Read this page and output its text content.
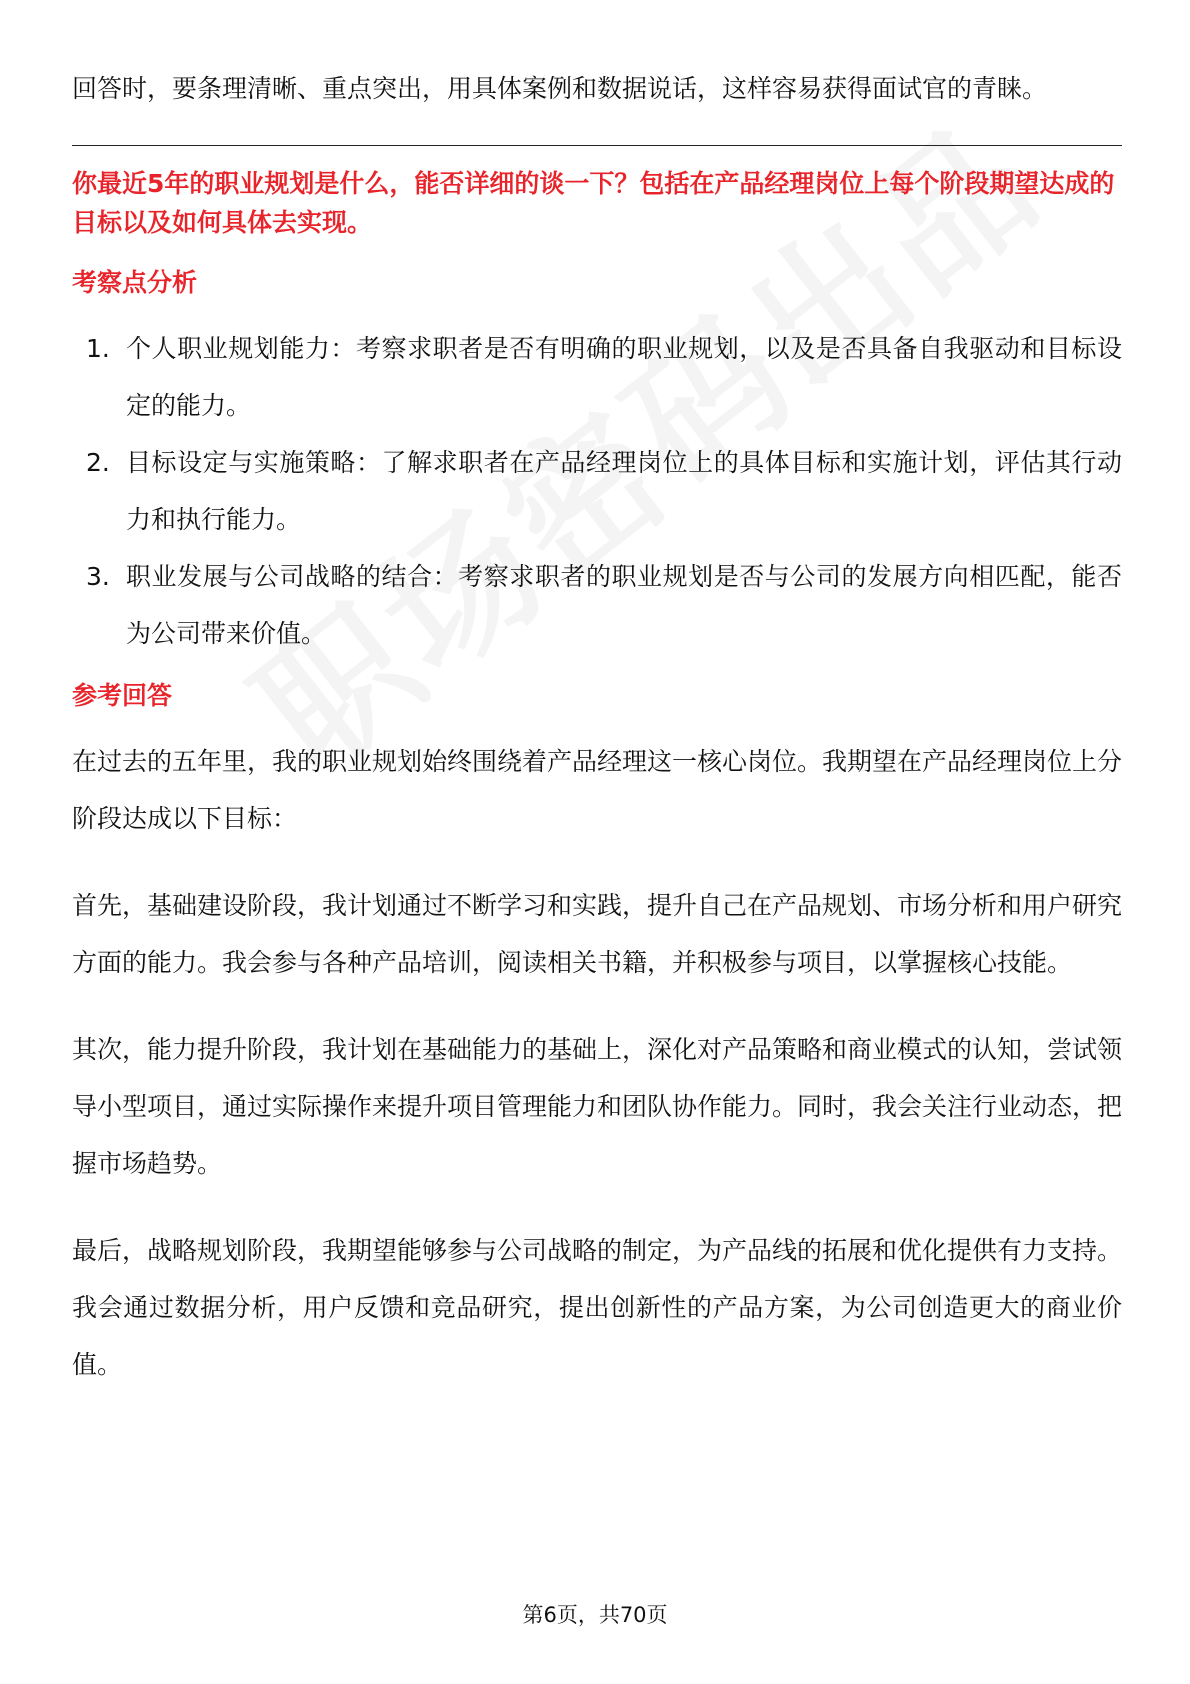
回答时，要条理清晰、重点突出，用具体案例和数据说话，这样容易获得面试官的青睐。

你最近5年的职业规划是什么，能否详细的谈一下？包括在产品经理岗位上每个阶段期望达成的目标以及如何具体去实现。

考察点分析

1. 个人职业规划能力：考察求职者是否有明确的职业规划，以及是否具备自我驱动和目标设定的能力。
2. 目标设定与实施策略：了解求职者在产品经理岗位上的具体目标和实施计划，评估其行动力和执行能力。
3. 职业发展与公司战略的结合：考察求职者的职业规划是否与公司的发展方向相匹配，能否为公司带来价值。

参考回答

在过去的五年里，我的职业规划始终围绕着产品经理这一核心岗位。我期望在产品经理岗位上分阶段达成以下目标：

首先，基础建设阶段，我计划通过不断学习和实践，提升自己在产品规划、市场分析和用户研究方面的能力。我会参与各种产品培训，阅读相关书籍，并积极参与项目，以掌握核心技能。

其次，能力提升阶段，我计划在基础能力的基础上，深化对产品策略和商业模式的认知，尝试领导小型项目，通过实际操作来提升项目管理能力和团队协作能力。同时，我会关注行业动态，把握市场趋势。

最后，战略规划阶段，我期望能够参与公司战略的制定，为产品线的拓展和优化提供有力支持。我会通过数据分析，用户反馈和竞品研究，提出创新性的产品方案，为公司创造更大的商业价值。

第6页，共70页
